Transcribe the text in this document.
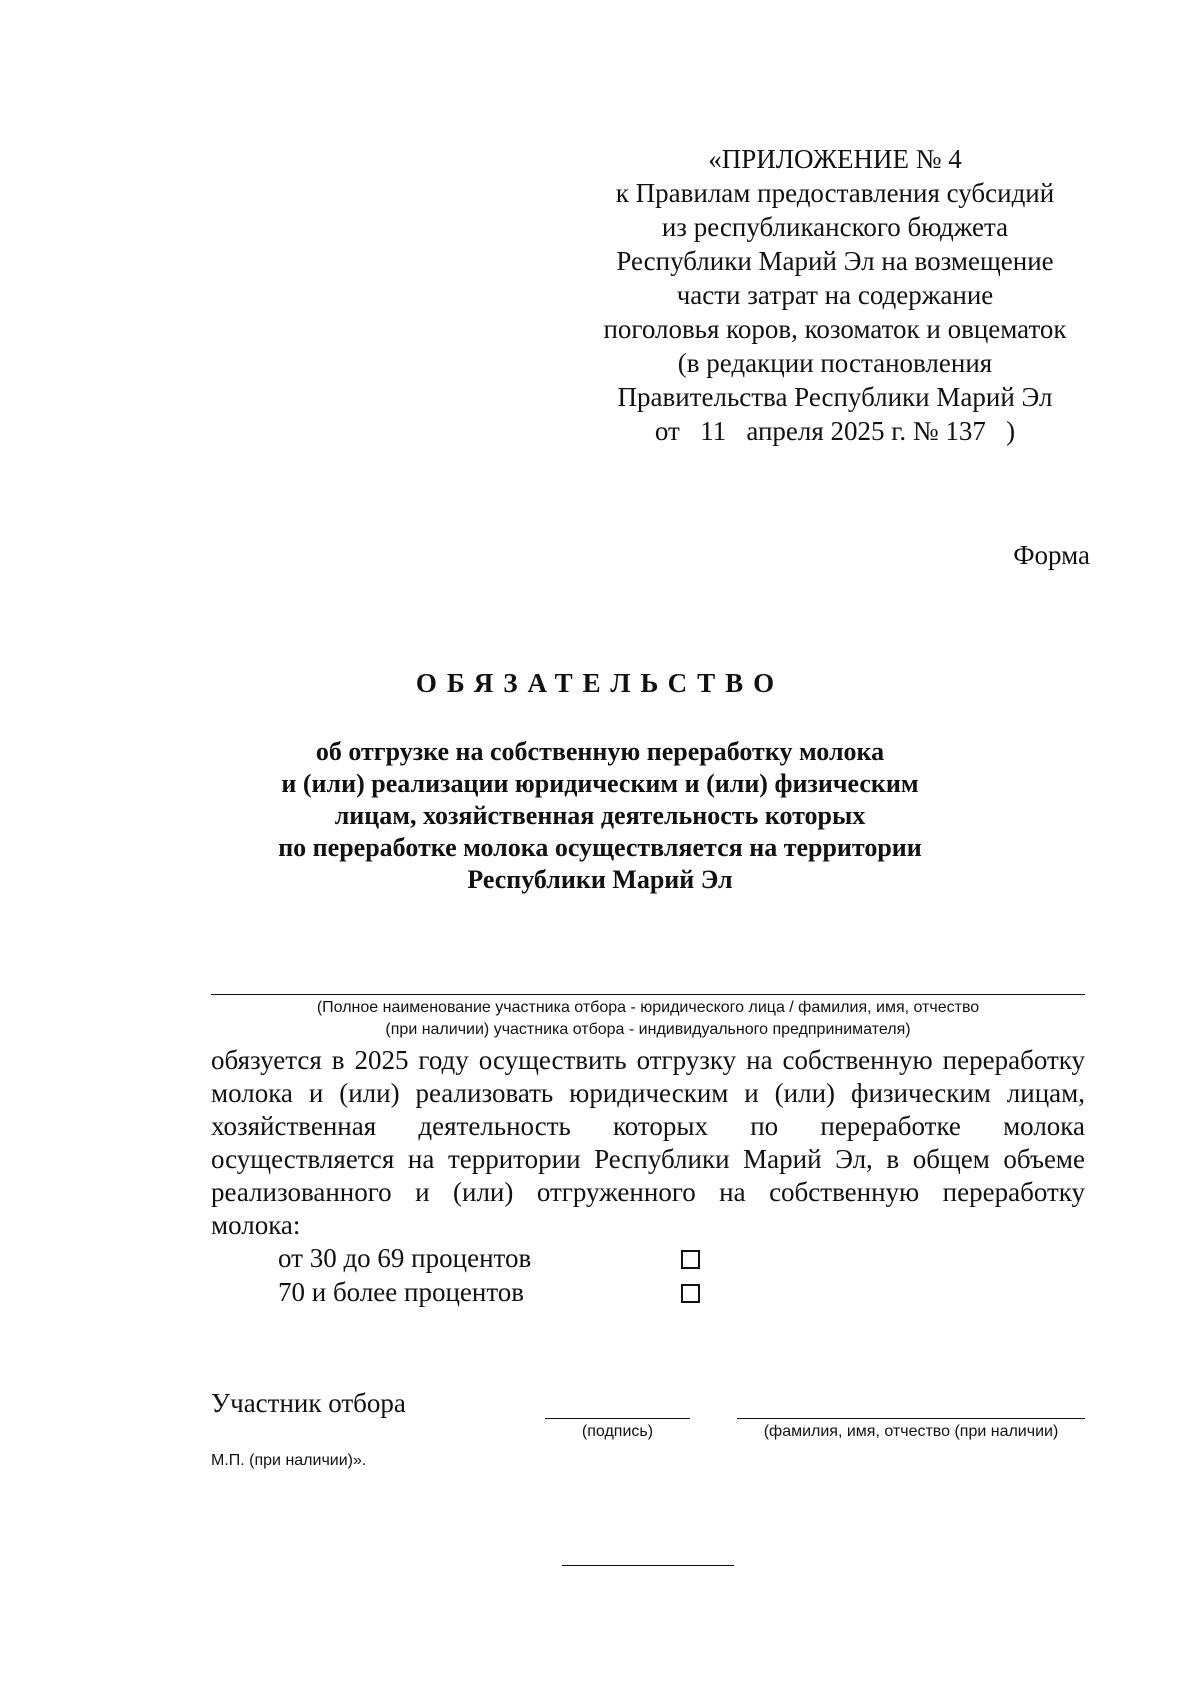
«ПРИЛОЖЕНИЕ № 4
к Правилам предоставления субсидий
из республиканского бюджета
Республики Марий Эл на возмещение
части затрат на содержание
поголовья коров, козоматок и овцематок
(в редакции постановления
Правительства Республики Марий Эл
от 11 апреля 2025 г. № 137 )
Форма
ОБЯЗАТЕЛЬСТВО
об отгрузке на собственную переработку молока
и (или) реализации юридическим и (или) физическим
лицам, хозяйственная деятельность которых
по переработке молока осуществляется на территории
Республики Марий Эл
(Полное наименование участника отбора - юридического лица / фамилия, имя, отчество
(при наличии) участника отбора - индивидуального предпринимателя)
обязуется в 2025 году осуществить отгрузку на собственную переработку
молока и (или) реализовать юридическим и (или) физическим лицам,
хозяйственная деятельность которых по переработке молока
осуществляется на территории Республики Марий Эл, в общем объеме
реализованного и (или) отгруженного на собственную переработку
молока:
от 30 до 69 процентов
70 и более процентов
Участник отбора
(подпись)	(фамилия, имя, отчество (при наличии)
М.П. (при наличии)».
